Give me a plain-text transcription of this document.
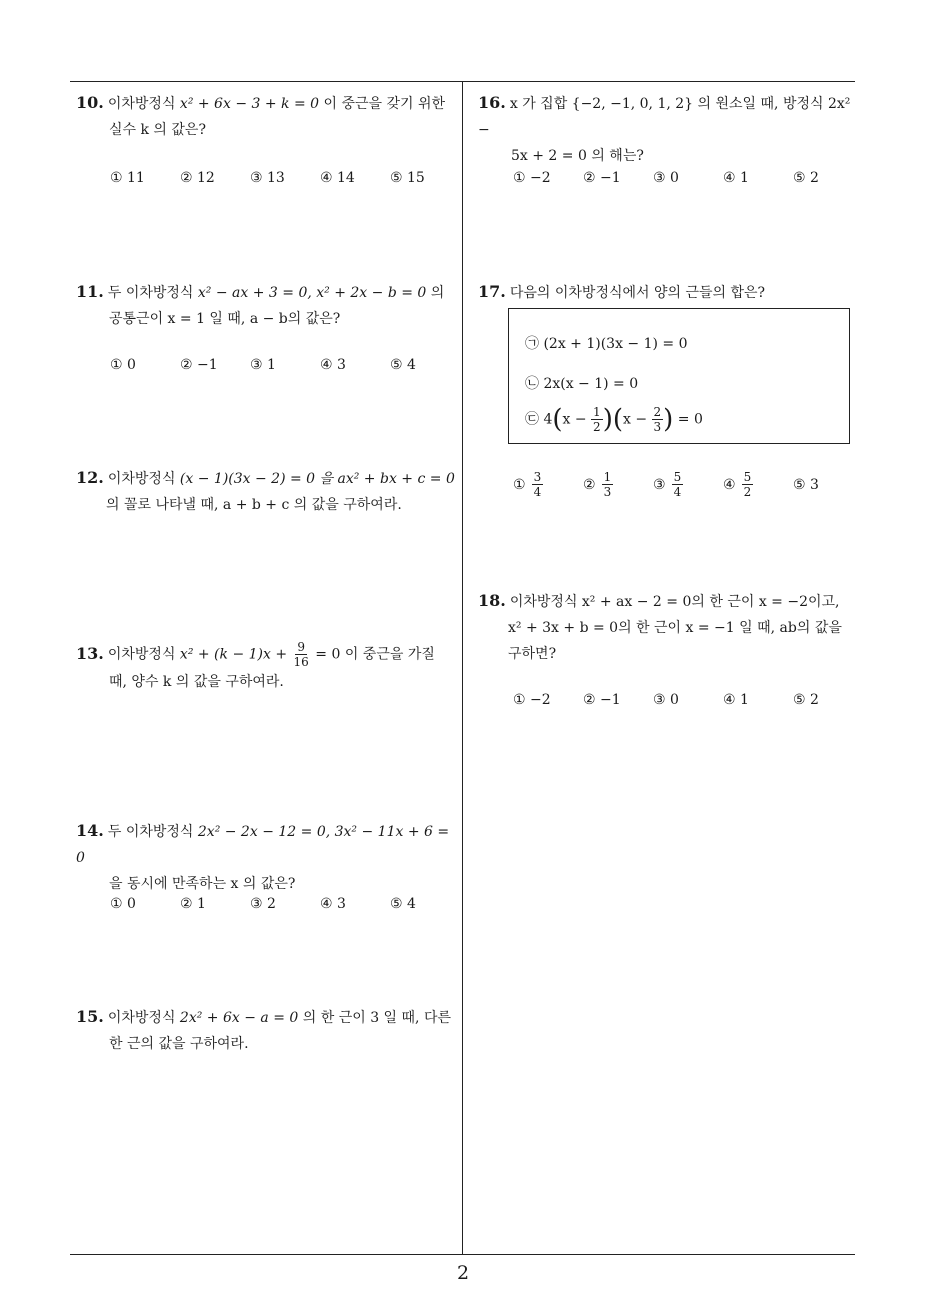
10. 이차방정식 x² + 6x − 3 + k = 0 이 중근을 갖기 위한
실수 k 의 값은?
① 11	② 12	③ 13	④ 14	⑤ 15
11. 두 이차방정식 x² − ax + 3 = 0, x² + 2x − b = 0 의
공통근이 x = 1 일 때, a − b의 값은?
① 0	② −1	③ 1	④ 3	⑤ 4
12. 이차방정식 (x − 1)(3x − 2) = 0 을 ax² + bx + c = 0
의 꼴로 나타낼 때, a + b + c 의 값을 구하여라.
13. 이차방정식 $x^2 + (k - 1)x + \frac{9}{16} = 0$ 이 중근을 가질
때, 양수 k 의 값을 구하여라.
14. 두 이차방정식 2x² − 2x − 12 = 0, 3x² − 11x + 6 = 0
을 동시에 만족하는 x 의 값은?
① 0	② 1	③ 2	④ 3	⑤ 4
15. 이차방정식 2x² + 6x − a = 0 의 한 근이 3 일 때, 다른
한 근의 값을 구하여라.
16. x 가 집합 {−2, −1, 0, 1, 2} 의 원소일 때, 방정식 2x² −
5x + 2 = 0 의 해는?
① −2	② −1	③ 0	④ 1	⑤ 2
17. 다음의 이차방정식에서 양의 근들의 합은?
㉠ (2x + 1)(3x − 1) = 0
㉡ 2x(x − 1) = 0
㉢ $4(x - \frac{1}{2} )(x - \frac{2}{3}$ ) = 0
① $\frac{3}{4}$	② $\frac{1}{3}$	③ $\frac{5}{4}$	④ $\frac{5}{2}$	⑤ 3
18. 이차방정식 x² + ax − 2 = 0의 한 근이 x = −2이고,
x² + 3x + b = 0의 한 근이 x = −1 일 때, ab의 값을
구하면?
① −2	② −1	③ 0	④ 1	⑤ 2
2
